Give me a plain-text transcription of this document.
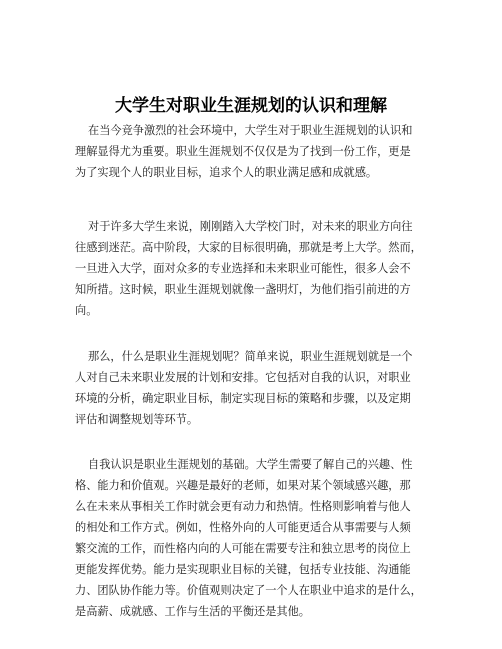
大学生对职业生涯规划的认识和理解
在当今竞争激烈的社会环境中，大学生对于职业生涯规划的认识和
理解显得尤为重要。职业生涯规划不仅仅是为了找到一份工作，更是
为了实现个人的职业目标，追求个人的职业满足感和成就感。
对于许多大学生来说，刚刚踏入大学校门时，对未来的职业方向往
往感到迷茫。高中阶段，大家的目标很明确，那就是考上大学。然而，
一旦进入大学，面对众多的专业选择和未来职业可能性，很多人会不
知所措。这时候，职业生涯规划就像一盏明灯，为他们指引前进的方
向。
那么，什么是职业生涯规划呢？简单来说，职业生涯规划就是一个
人对自己未来职业发展的计划和安排。它包括对自我的认识，对职业
环境的分析，确定职业目标，制定实现目标的策略和步骤，以及定期
评估和调整规划等环节。
自我认识是职业生涯规划的基础。大学生需要了解自己的兴趣、性
格、能力和价值观。兴趣是最好的老师，如果对某个领域感兴趣，那
么在未来从事相关工作时就会更有动力和热情。性格则影响着与他人
的相处和工作方式。例如，性格外向的人可能更适合从事需要与人频
繁交流的工作，而性格内向的人可能在需要专注和独立思考的岗位上
更能发挥优势。能力是实现职业目标的关键，包括专业技能、沟通能
力、团队协作能力等。价值观则决定了一个人在职业中追求的是什么，
是高薪、成就感、工作与生活的平衡还是其他。
